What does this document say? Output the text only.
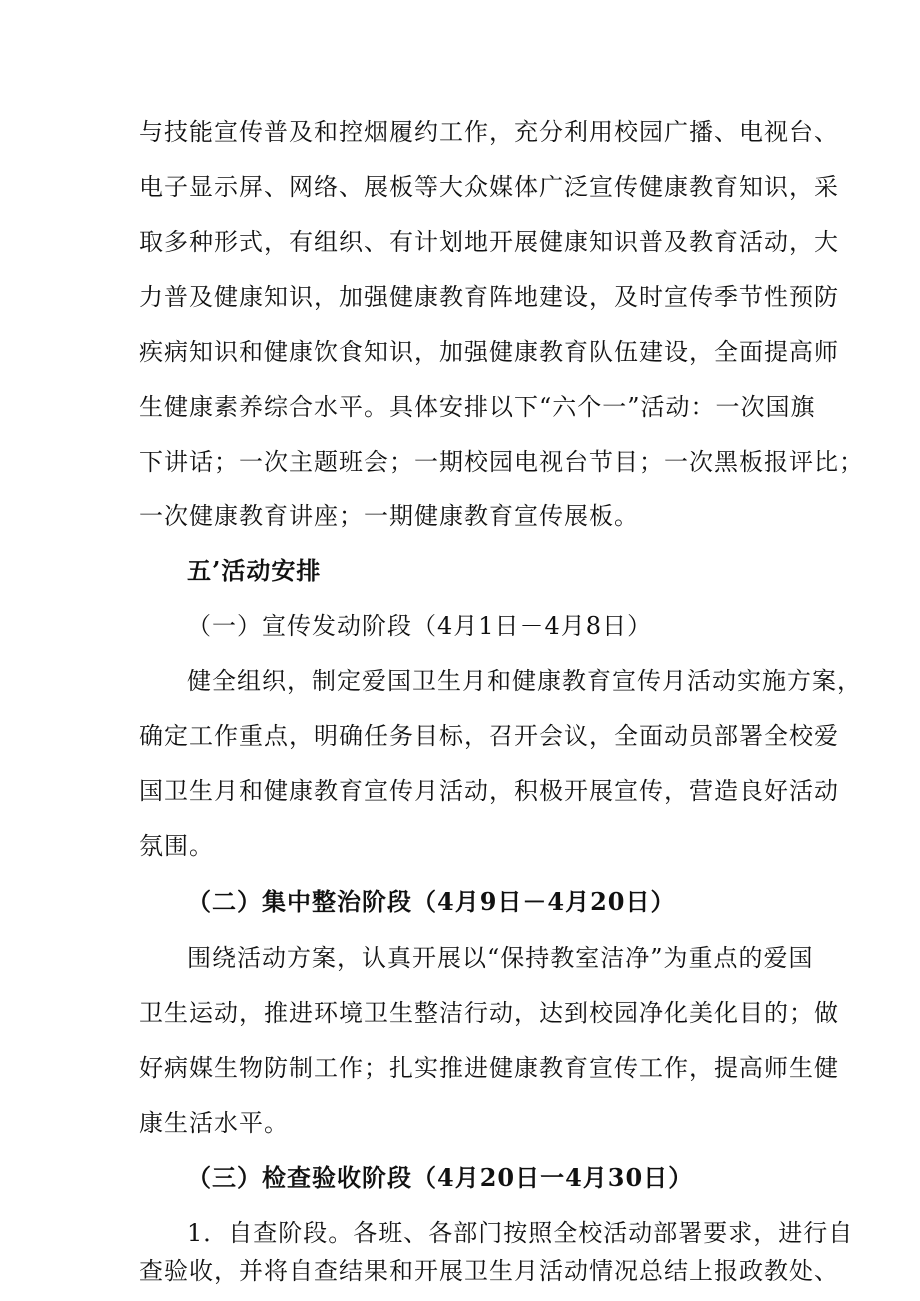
与技能宣传普及和控烟履约工作，充分利用校园广播、电视台、
电子显示屏、网络、展板等大众媒体广泛宣传健康教育知识，采
取多种形式，有组织、有计划地开展健康知识普及教育活动，大
力普及健康知识，加强健康教育阵地建设，及时宣传季节性预防
疾病知识和健康饮食知识，加强健康教育队伍建设，全面提高师
生健康素养综合水平。具体安排以下“六个一”活动：一次国旗
下讲话；一次主题班会；一期校园电视台节目；一次黑板报评比；
一次健康教育讲座；一期健康教育宣传展板。
五’活动安排
（一）宣传发动阶段（4月1日－4月8日）
健全组织，制定爱国卫生月和健康教育宣传月活动实施方案，
确定工作重点，明确任务目标，召开会议，全面动员部署全校爱
国卫生月和健康教育宣传月活动，积极开展宣传，营造良好活动
氛围。
（二）集中整治阶段（4月9日－4月20日）
围绕活动方案，认真开展以“保持教室洁净”为重点的爱国
卫生运动，推进环境卫生整洁行动，达到校园净化美化目的；做
好病媒生物防制工作；扎实推进健康教育宣传工作，提高师生健
康生活水平。
（三）检查验收阶段（4月20日一4月30日）
1．自查阶段。各班、各部门按照全校活动部署要求，进行自
查验收，并将自查结果和开展卫生月活动情况总结上报政教处、
